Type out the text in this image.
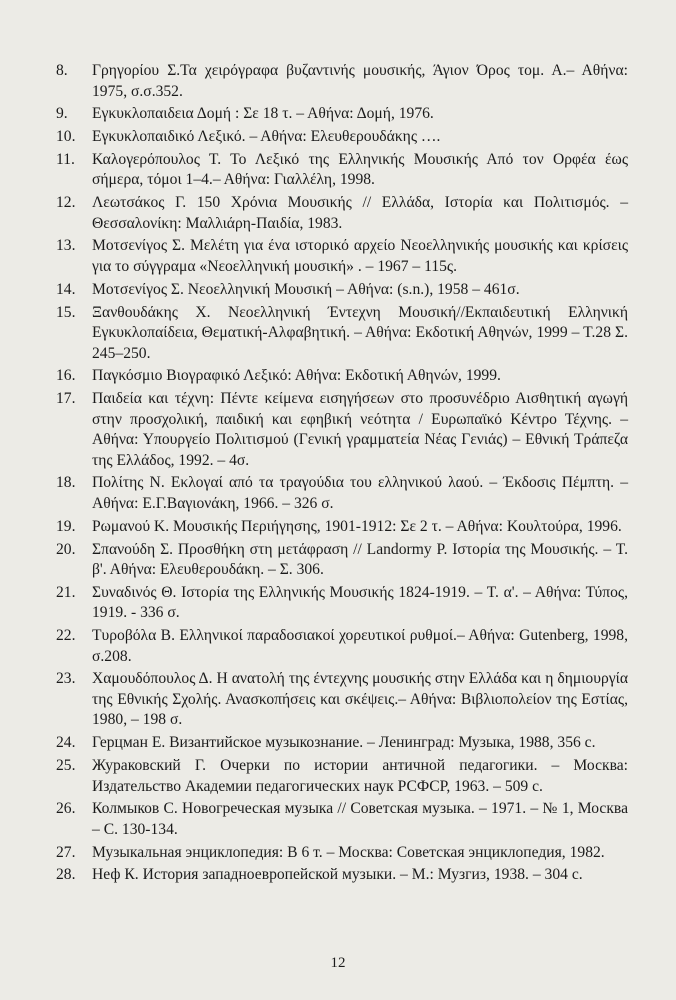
8.	Γρηγορίου Σ.Τα χειρόγραφα βυζαντινής μουσικής, Άγιον Όρος τομ. Α.– Αθήνα: 1975, σ.σ.352.
9.	Εγκυκλοπαιδεια Δομή : Σε 18 τ. – Αθήνα: Δομή, 1976.
10.	Εγκυκλοπαιδικό Λεξικό. – Αθήνα: Ελευθερουδάκης ….
11.	Καλογερόπουλος Τ. Το Λεξικό της Ελληνικής Μουσικής Από τον Ορφέα έως σήμερα, τόμοι 1–4.– Αθήνα: Γιαλλέλη, 1998.
12.	Λεωτσάκος Γ. 150 Χρόνια Μουσικής // Ελλάδα, Ιστορία και Πολιτισμός. – Θεσσαλονίκη: Μαλλιάρη-Παιδία, 1983.
13.	Μοτσενίγος Σ. Μελέτη για ένα ιστορικό αρχείο Νεοελληνικής μουσικής και κρίσεις για το σύγγραμα «Νεοελληνική μουσική» . – 1967 – 115ς.
14.	Μοτσενίγος Σ. Νεοελληνική Μουσική – Αθήνα: (s.n.), 1958 – 461σ.
15.	Ξανθουδάκης Χ. Νεοελληνική Έντεχνη Μουσική//Εκπαιδευτική Ελληνική Εγκυκλοπαίδεια, Θεματική-Αλφαβητική. – Αθήνα: Εκδοτική Αθηνών, 1999 – Τ.28 Σ. 245–250.
16.	Παγκόσμιο Βιογραφικό Λεξικό: Αθήνα: Εκδοτική Αθηνών, 1999.
17.	Παιδεία και τέχνη: Πέντε κείμενα εισηγήσεων στο προσυνέδριο Αισθητική αγωγή στην προσχολική, παιδική και εφηβική νεότητα / Ευρωπαϊκό Κέντρο Τέχνης. – Αθήνα: Υπουργείο Πολιτισμού (Γενική γραμματεία Νέας Γενιάς) – Εθνική Τράπεζα της Ελλάδος, 1992. – 4σ.
18.	Πολίτης Ν. Εκλογαί από τα τραγούδια του ελληνικού λαού. – Έκδοσις Πέμπτη. – Αθήνα: Ε.Γ.Βαγιονάκη, 1966. – 326 σ.
19.	Ρωμανού Κ. Μουσικής Περιήγησης, 1901-1912: Σε 2 τ. – Αθήνα: Κουλτούρα, 1996.
20.	Σπανούδη Σ. Προσθήκη στη μετάφραση // Landormy P. Ιστορία της Μουσικής. – Τ. β'. Αθήνα: Ελευθερουδάκη. – Σ. 306.
21.	Συναδινός Θ. Ιστορία της Ελληνικής Μουσικής 1824-1919. – Τ. α'. – Αθήνα: Τύπος, 1919. - 336 σ.
22.	Τυροβόλα Β. Ελληνικοί παραδοσιακοί χορευτικοί ρυθμοί.– Αθήνα: Gutenberg, 1998, σ.208.
23.	Χαμουδόπουλος Δ. Η ανατολή της έντεχνης μουσικής στην Ελλάδα και η δημιουργία της Εθνικής Σχολής. Ανασκοπήσεις και σκέψεις.– Αθήνα: Βιβλιοπολείον της Εστίας, 1980, – 198 σ.
24.	Герцман Е. Византийское музыкознание. – Ленинград: Музыка, 1988, 356 с.
25.	Жураковский Г. Очерки по истории античной педагогики. – Москва: Издательство Академии педагогических наук РСФСР, 1963. – 509 с.
26.	Колмыков С. Новогреческая музыка // Советская музыка. – 1971. – № 1, Москва – С. 130-134.
27.	Музыкальная энциклопедия: В 6 т. – Москва: Советская энциклопедия, 1982.
28.	Неф К. История западноевропейской музыки. – М.: Музгиз, 1938. – 304 с.
12
